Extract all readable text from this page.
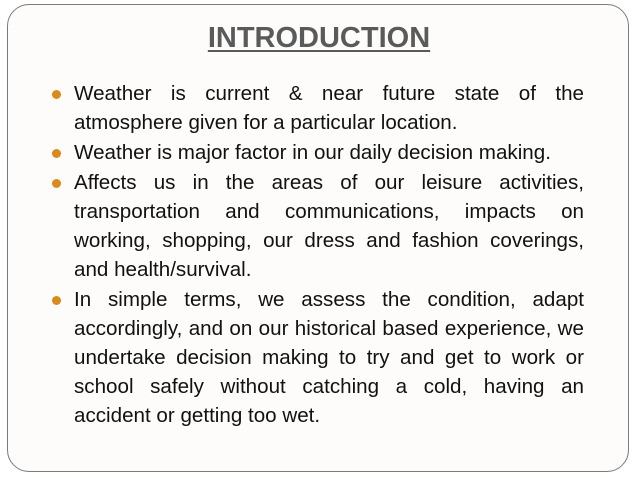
INTRODUCTION
Weather is current & near future state of the atmosphere given for a particular location.
Weather is major factor in our daily decision making.
Affects us in the areas of our leisure activities, transportation and communications, impacts on working, shopping, our dress and fashion coverings, and health/survival.
In simple terms, we assess the condition, adapt accordingly, and on our historical based experience, we undertake decision making to try and get to work or school safely without catching a cold, having an accident or getting too wet.
